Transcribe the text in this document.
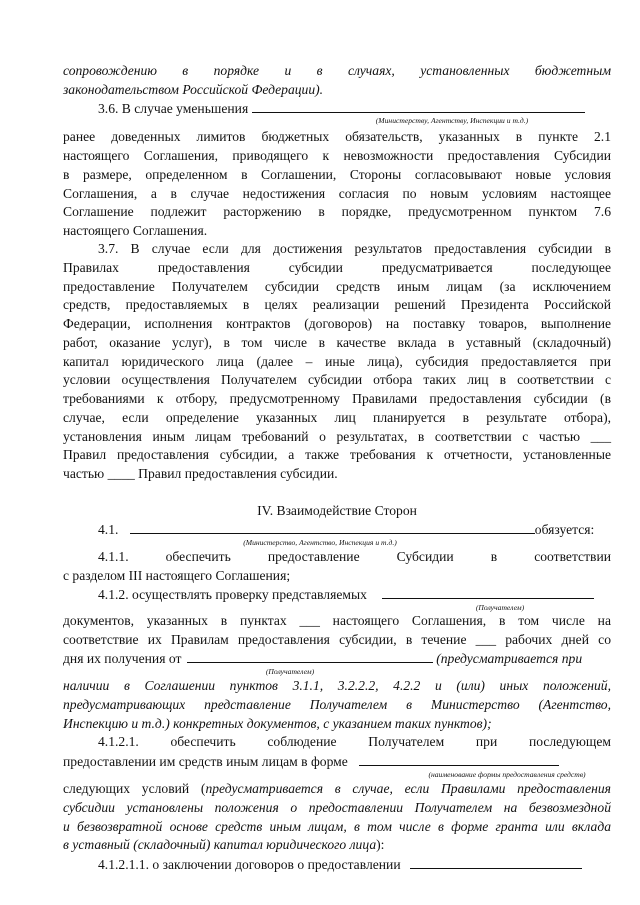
сопровождению в порядке и в случаях, установленных бюджетным
законодательством Российской Федерации).
3.6. В случае уменьшения
(Министерству, Агентству, Инспекции и т.д.)
ранее доведенных лимитов бюджетных обязательств, указанных в пункте 2.1
настоящего Соглашения, приводящего к невозможности предоставления Субсидии
в размере, определенном в Соглашении, Стороны согласовывают новые условия
Соглашения, а в случае недостижения согласия по новым условиям настоящее
Соглашение подлежит расторжению в порядке, предусмотренном пунктом 7.6
настоящего Соглашения.
3.7. В случае если для достижения результатов предоставления субсидии в
Правилах предоставления субсидии предусматривается последующее
предоставление Получателем субсидии средств иным лицам (за исключением
средств, предоставляемых в целях реализации решений Президента Российской
Федерации, исполнения контрактов (договоров) на поставку товаров, выполнение
работ, оказание услуг), в том числе в качестве вклада в уставный (складочный)
капитал юридического лица (далее – иные лица), субсидия предоставляется при
условии осуществления Получателем субсидии отбора таких лиц в соответствии с
требованиями к отбору, предусмотренному Правилами предоставления субсидии (в
случае, если определение указанных лиц планируется в результате отбора),
установления иным лицам требований о результатах, в соответствии с частью ___
Правил предоставления субсидии, а также требования к отчетности, установленные
частью ____ Правил предоставления субсидии.
IV. Взаимодействие Сторон
4.1.	обязуется:
(Министерство, Агентство, Инспекция и т.д.)
4.1.1. обеспечить предоставление Субсидии в соответствии
с разделом III настоящего Соглашения;
4.1.2. осуществлять проверку представляемых
(Получателем)
документов, указанных в пунктах ___ настоящего Соглашения, в том числе на
соответствие их Правилам предоставления субсидии, в течение ___ рабочих дней со
дня их получения от	(предусматривается при
(Получателем)
наличии в Соглашении пунктов 3.1.1, 3.2.2.2, 4.2.2 и (или) иных положений,
предусматривающих представление Получателем в Министерство (Агентство,
Инспекцию и т.д.) конкретных документов, с указанием таких пунктов);
4.1.2.1. обеспечить соблюдение Получателем при последующем
предоставлении им средств иным лицам в форме
(наименование формы предоставления средств)
следующих условий (предусматривается в случае, если Правилами предоставления
субсидии установлены положения о предоставлении Получателем на безвозмездной
и безвозвратной основе средств иным лицам, в том числе в форме гранта или вклада
в уставный (складочный) капитал юридического лица):
4.1.2.1.1. о заключении договоров о предоставлении
